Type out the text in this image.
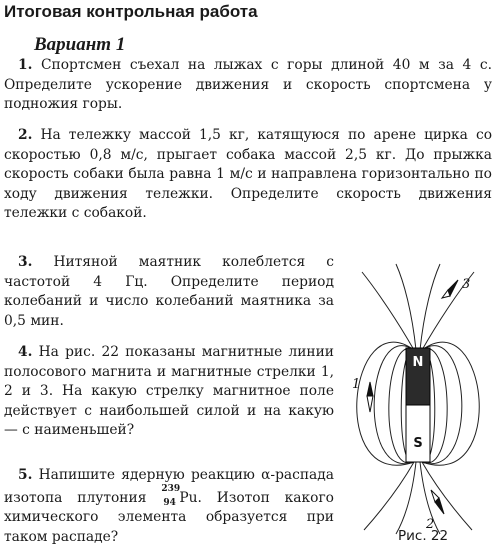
Итоговая контрольная работа
Вариант 1
1. Спортсмен съехал на лыжах с горы длиной 40 м за 4 с. Определите ускорение движения и скорость спортсмена у подножия горы.
2. На тележку массой 1,5 кг, катящуюся по арене цирка со скоростью 0,8 м/с, прыгает собака массой 2,5 кг. До прыжка скорость собаки была равна 1 м/с и направлена горизонтально по ходу движения тележки. Определите скорость движения тележки с собакой.
3. Нитяной маятник колеблется с частотой 4 Гц. Определите период колебаний и число колебаний маятника за 0,5 мин.
4. На рис. 22 показаны магнитные линии полосового магнита и магнитные стрелки 1, 2 и 3. На какую стрелку магнитное поле действует с наибольшей силой и на какую — с наименьшей?
5. Напишите ядерную реакцию α-распада изотопа плутония
239
94 Pu. Изотоп какого химического элемента образуется при таком распаде?
N
S
1
2
3
Рис. 22
